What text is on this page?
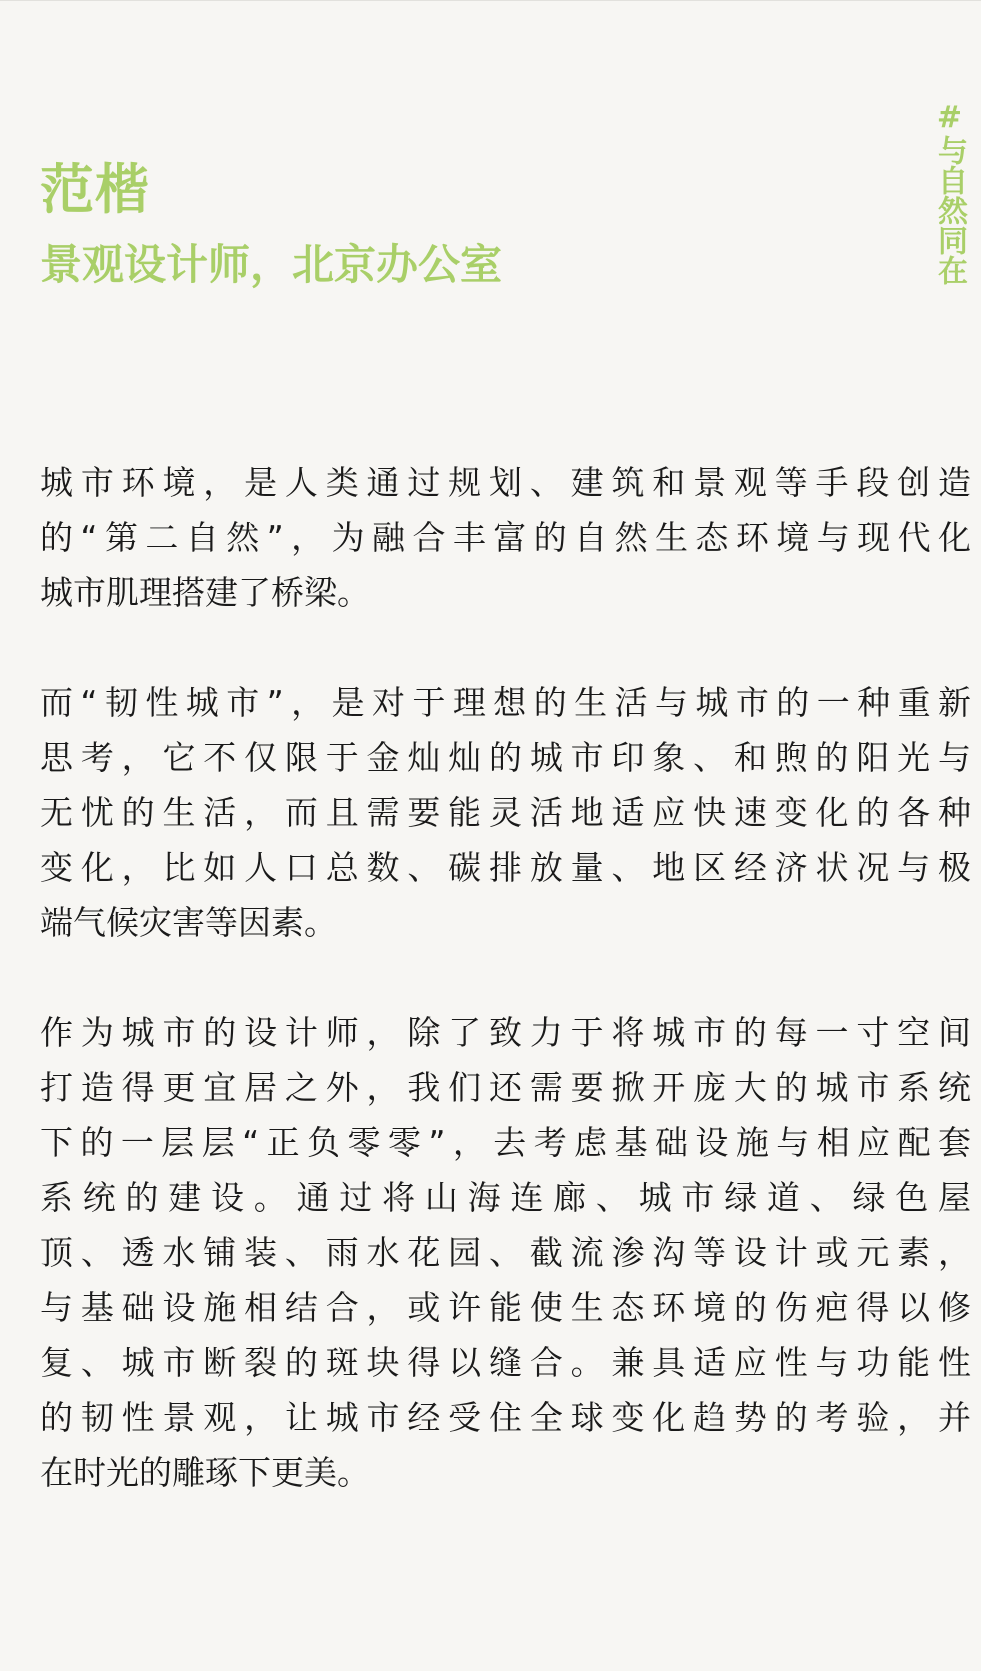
范楷
景观设计师，北京办公室	#与自然同在

城市环境，是人类通过规划、建筑和景观等手段创造
的“第二自然”，为融合丰富的自然生态环境与现代化
城市肌理搭建了桥梁。

而“韧性城市”，是对于理想的生活与城市的一种重新
思考，它不仅限于金灿灿的城市印象、和煦的阳光与
无忧的生活，而且需要能灵活地适应快速变化的各种
变化，比如人口总数、碳排放量、地区经济状况与极
端气候灾害等因素。

作为城市的设计师，除了致力于将城市的每一寸空间
打造得更宜居之外，我们还需要掀开庞大的城市系统
下的一层层“正负零零”，去考虑基础设施与相应配套
系统的建设。通过将山海连廊、城市绿道、绿色屋
顶、透水铺装、雨水花园、截流渗沟等设计或元素，
与基础设施相结合，或许能使生态环境的伤疤得以修
复、城市断裂的斑块得以缝合。兼具适应性与功能性
的韧性景观，让城市经受住全球变化趋势的考验，并
在时光的雕琢下更美。
